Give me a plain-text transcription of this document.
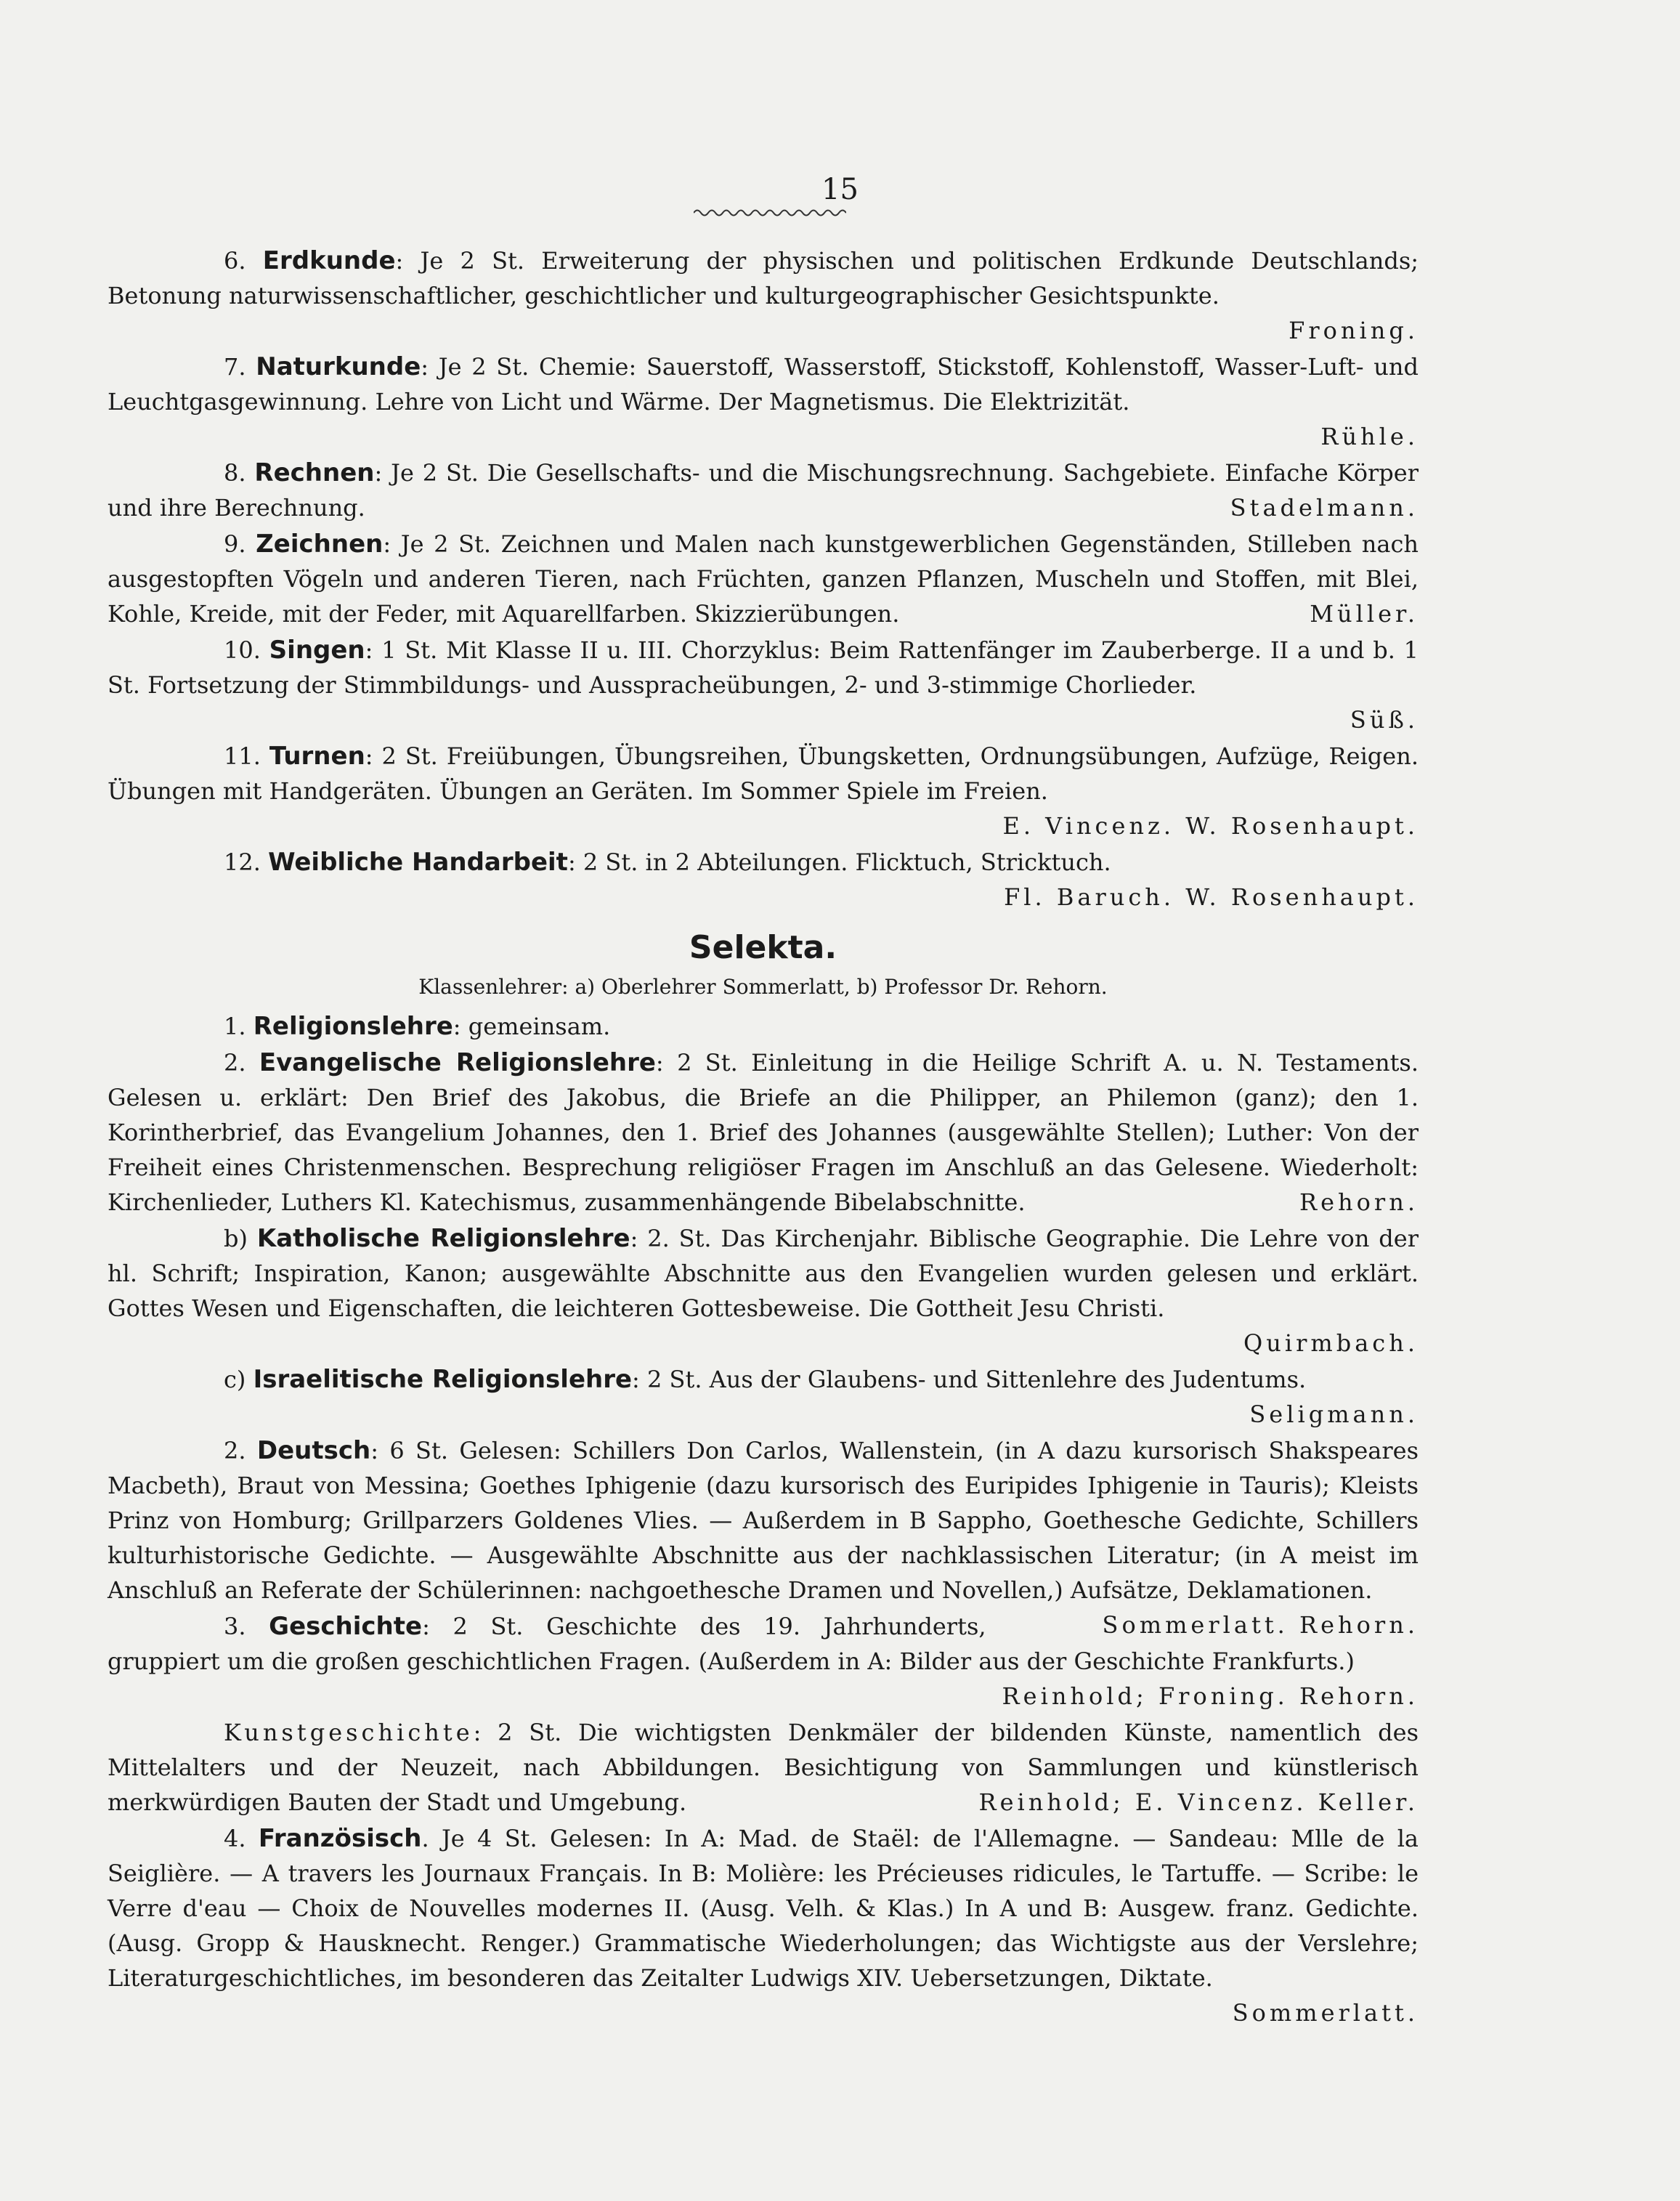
15
6. Erdkunde: Je 2 St. Erweiterung der physischen und politischen Erdkunde Deutschlands; Betonung naturwissenschaftlicher, geschichtlicher und kulturgeographischer Gesichtspunkte.
Froning.
7. Naturkunde: Je 2 St. Chemie: Sauerstoff, Wasserstoff, Stickstoff, Kohlenstoff, Wasser-Luft- und Leuchtgasgewinnung. Lehre von Licht und Wärme. Der Magnetismus. Die Elektrizität.
Rühle.
8. Rechnen: Je 2 St. Die Gesellschafts- und die Mischungsrechnung. Sachgebiete. Einfache Körper und ihre Berechnung.	Stadelmann.
9. Zeichnen: Je 2 St. Zeichnen und Malen nach kunstgewerblichen Gegenständen, Stilleben nach ausgestopften Vögeln und anderen Tieren, nach Früchten, ganzen Pflanzen, Muscheln und Stoffen, mit Blei, Kohle, Kreide, mit der Feder, mit Aquarellfarben. Skizzierübungen.	Müller.
10. Singen: 1 St. Mit Klasse II u. III. Chorzyklus: Beim Rattenfänger im Zauberberge. II a und b. 1 St. Fortsetzung der Stimmbildungs- und Ausspracheübungen, 2- und 3-stimmige Chorlieder.
Süß.
11. Turnen: 2 St. Freiübungen, Übungsreihen, Übungsketten, Ordnungsübungen, Aufzüge, Reigen. Übungen mit Handgeräten. Übungen an Geräten. Im Sommer Spiele im Freien.
E. Vincenz. W. Rosenhaupt.
12. Weibliche Handarbeit: 2 St. in 2 Abteilungen. Flicktuch, Stricktuch.
Fl. Baruch. W. Rosenhaupt.
Selekta.
Klassenlehrer: a) Oberlehrer Sommerlatt, b) Professor Dr. Rehorn.
1. Religionslehre: gemeinsam.
2. Evangelische Religionslehre: 2 St. Einleitung in die Heilige Schrift A. u. N. Testaments. Gelesen u. erklärt: Den Brief des Jakobus, die Briefe an die Philipper, an Philemon (ganz); den 1. Korintherbrief, das Evangelium Johannes, den 1. Brief des Johannes (ausgewählte Stellen); Luther: Von der Freiheit eines Christenmenschen. Besprechung religiöser Fragen im Anschluß an das Gelesene. Wiederholt: Kirchenlieder, Luthers Kl. Katechismus, zusammenhängende Bibelabschnitte.	Rehorn.
b) Katholische Religionslehre: 2. St. Das Kirchenjahr. Biblische Geographie. Die Lehre von der hl. Schrift; Inspiration, Kanon; ausgewählte Abschnitte aus den Evangelien wurden gelesen und erklärt. Gottes Wesen und Eigenschaften, die leichteren Gottesbeweise. Die Gottheit Jesu Christi.
Quirmbach.
c) Israelitische Religionslehre: 2 St. Aus der Glaubens- und Sittenlehre des Judentums.
Seligmann.
2. Deutsch: 6 St. Gelesen: Schillers Don Carlos, Wallenstein, (in A dazu kursorisch Shakspeares Macbeth), Braut von Messina; Goethes Iphigenie (dazu kursorisch des Euripides Iphigenie in Tauris); Kleists Prinz von Homburg; Grillparzers Goldenes Vlies. — Außerdem in B Sappho, Goethesche Gedichte, Schillers kulturhistorische Gedichte. — Ausgewählte Abschnitte aus der nachklassischen Literatur; (in A meist im Anschluß an Referate der Schülerinnen: nachgoethesche Dramen und Novellen,) Aufsätze, Deklamationen.
Sommerlatt. Rehorn.
3. Geschichte: 2 St. Geschichte des 19. Jahrhunderts, gruppiert um die großen geschichtlichen Fragen. (Außerdem in A: Bilder aus der Geschichte Frankfurts.)
Reinhold; Froning. Rehorn.
Kunstgeschichte: 2 St. Die wichtigsten Denkmäler der bildenden Künste, namentlich des Mittelalters und der Neuzeit, nach Abbildungen. Besichtigung von Sammlungen und künstlerisch merkwürdigen Bauten der Stadt und Umgebung.	Reinhold; E. Vincenz. Keller.
4. Französisch. Je 4 St. Gelesen: In A: Mad. de Staël: de l'Allemagne. — Sandeau: Mlle de la Seiglière. — A travers les Journaux Français. In B: Molière: les Précieuses ridicules, le Tartuffe. — Scribe: le Verre d'eau — Choix de Nouvelles modernes II. (Ausg. Velh. & Klas.) In A und B: Ausgew. franz. Gedichte. (Ausg. Gropp & Hausknecht. Renger.) Grammatische Wiederholungen; das Wichtigste aus der Verslehre; Literaturgeschichtliches, im besonderen das Zeitalter Ludwigs XIV. Uebersetzungen, Diktate.
Sommerlatt.
